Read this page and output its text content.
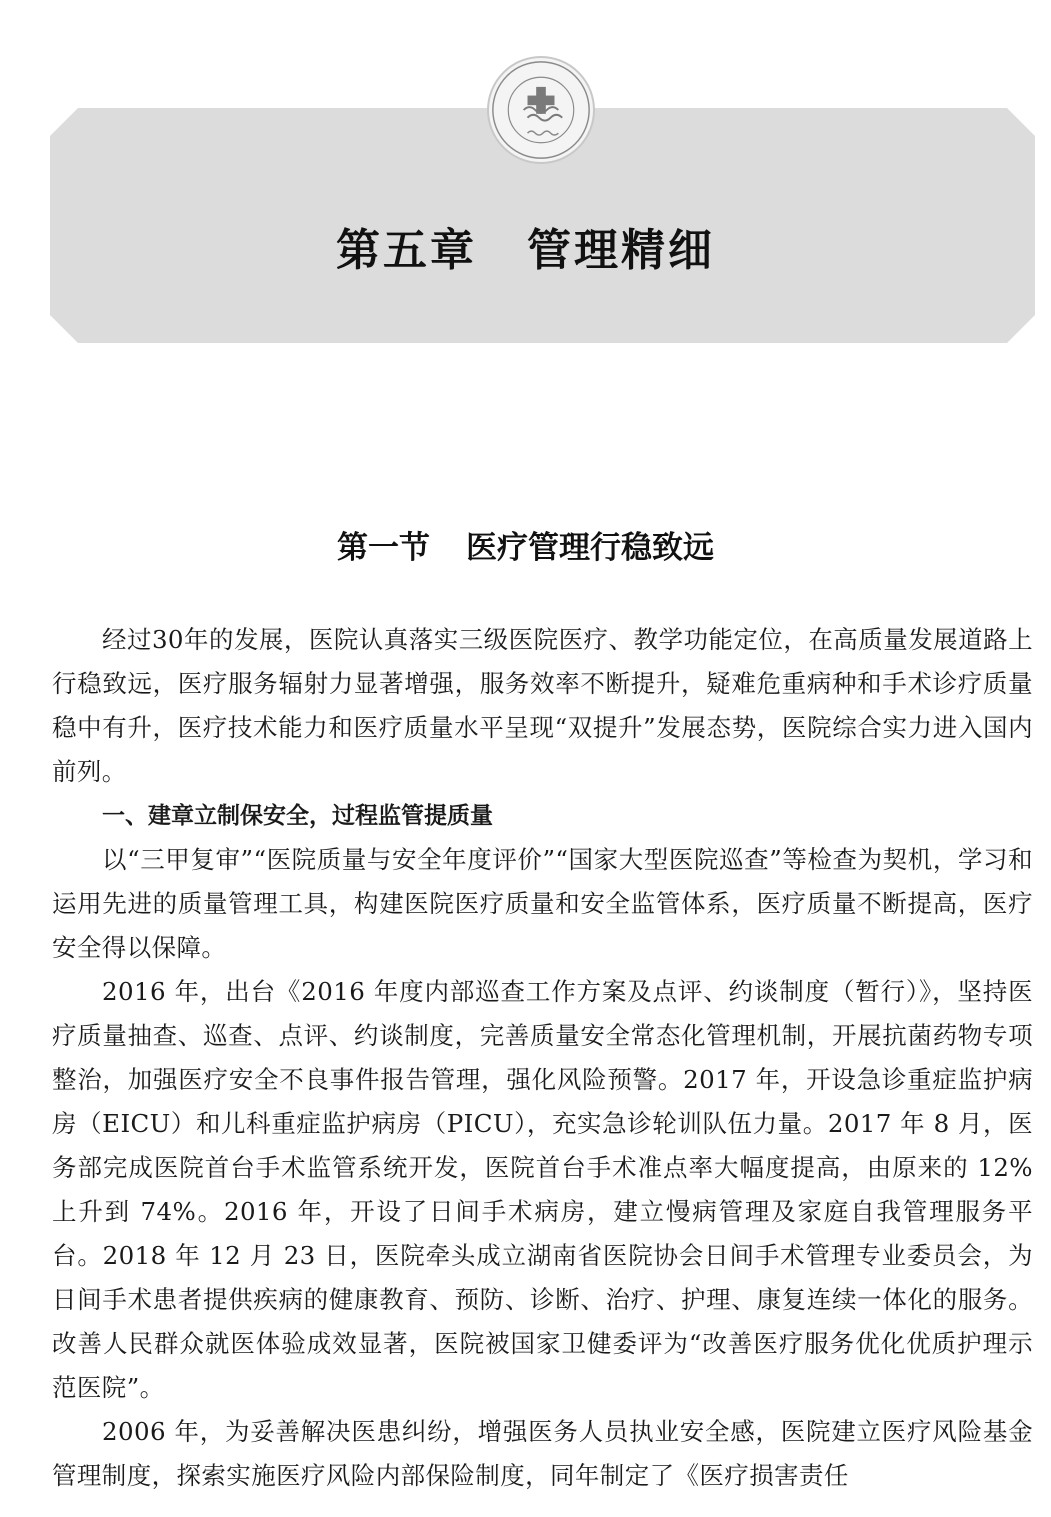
第五章 管理精细
第一节 医疗管理行稳致远

经过30年的发展，医院认真落实三级医院医疗、教学功能定位，在高质量发展道路上行稳致远，医疗服务辐射力显著增强，服务效率不断提升，疑难危重病种和手术诊疗质量稳中有升，医疗技术能力和医疗质量水平呈现“双提升”发展态势，医院综合实力进入国内前列。

一、建章立制保安全，过程监管提质量

以“三甲复审”“医院质量与安全年度评价”“国家大型医院巡查”等检查为契机，学习和运用先进的质量管理工具，构建医院医疗质量和安全监管体系，医疗质量不断提高，医疗安全得以保障。

2016 年，出台《2016 年度内部巡查工作方案及点评、约谈制度（暂行）》，坚持医疗质量抽查、巡查、点评、约谈制度，完善质量安全常态化管理机制，开展抗菌药物专项整治，加强医疗安全不良事件报告管理，强化风险预警。2017 年，开设急诊重症监护病房（EICU）和儿科重症监护病房（PICU），充实急诊轮训队伍力量。2017 年 8 月，医务部完成医院首台手术监管系统开发，医院首台手术准点率大幅度提高，由原来的 12% 上升到 74%。2016 年，开设了日间手术病房，建立慢病管理及家庭自我管理服务平台。2018 年 12 月 23 日，医院牵头成立湖南省医院协会日间手术管理专业委员会，为日间手术患者提供疾病的健康教育、预防、诊断、治疗、护理、康复连续一体化的服务。改善人民群众就医体验成效显著，医院被国家卫健委评为“改善医疗服务优化优质护理示范医院”。

2006 年，为妥善解决医患纠纷，增强医务人员执业安全感，医院建立医疗风险基金管理制度，探索实施医疗风险内部保险制度，同年制定了《医疗损害责任
